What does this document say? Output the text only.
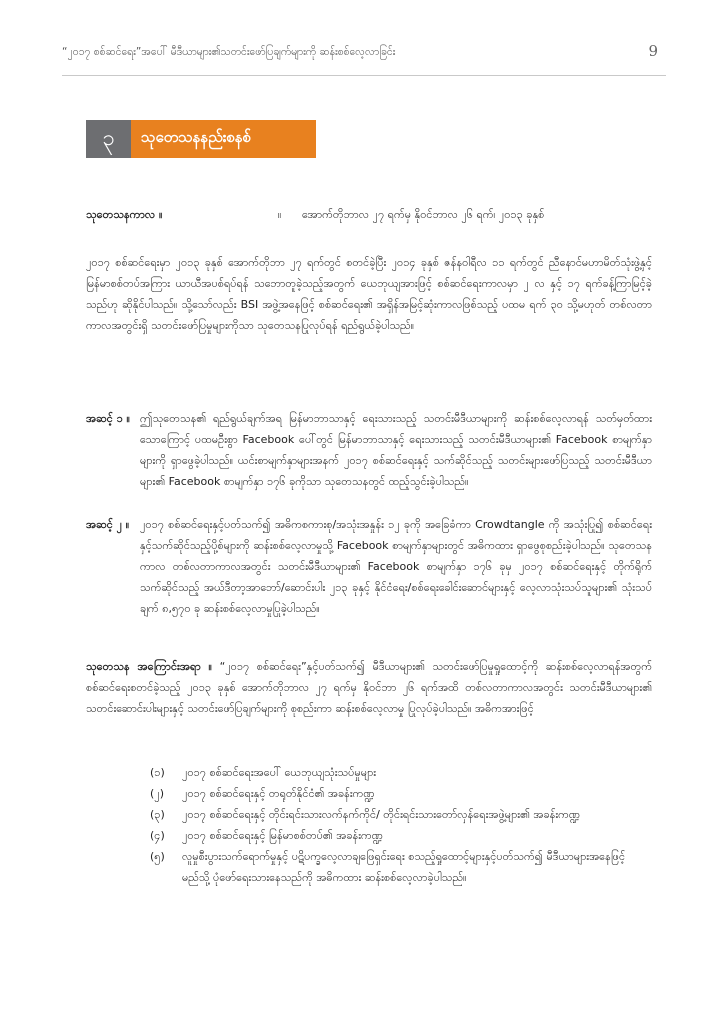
“၂၀၁၇ စစ်ဆင်ရေး”အပေါ် မီဒီယာများ၏သတင်းဖော်ပြချက်များကို ဆန်းစစ်လေ့လာခြင်း	9
၃	သုတေသနနည်းစနစ်
သုတေသနကာလ ။	။	အောက်တိုဘာလ ၂၇ ရက်မှ နိုဝင်ဘာလ ၂၆ ရက်၊ ၂၀၁၃ ခုနှစ်

၂၀၁၇ စစ်ဆင်ရေးမှာ ၂၀၁၃ ခုနှစ် အောက်တိုဘာ ၂၇ ရက်တွင် စတင်ခဲ့ပြီး ၂၀၁၄ ခုနှစ် ဇန်နဝါရီလ ၁၁ ရက်တွင် ညီနောင်မဟာမိတ်သုံးဖွဲ့နှင့် မြန်မာစစ်တပ်အကြား ယာယီအပစ်ရပ်ရန် သဘောတူခဲ့သည့်အတွက် ယေဘုယျအားဖြင့် စစ်ဆင်ရေးကာလမှာ ၂ လ နှင့် ၁၇ ရက်ခန့်ကြာမြင့်ခဲ့သည်ဟု ဆိုနိုင်ပါသည်။ သို့သော်လည်း BSI အဖွဲ့အနေဖြင့် စစ်ဆင်ရေး၏ အရှိန်အမြင့်ဆုံးကာလဖြစ်သည့် ပထမ ရက် ၃၀ သို့မဟုတ် တစ်လတာကာလအတွင်းရှိ သတင်းဖော်ပြမှုများကိုသာ သုတေသနပြုလုပ်ရန် ရည်ရွယ်ခဲ့ပါသည်။

အဆင့် ၁ ။ ဤသုတေသန၏ ရည်ရွယ်ချက်အရ မြန်မာဘာသာနှင့် ရေးသားသည့် သတင်းမီဒီယာများကို ဆန်းစစ်လေ့လာရန် သတ်မှတ်ထားသောကြောင့် ပထမဦးစွာ Facebook ပေါ်တွင် မြန်မာဘာသာနှင့် ရေးသားသည့် သတင်းမီဒီယာများ၏ Facebook စာမျက်နှာများကို ရှာဖွေခဲ့ပါသည်။ ယင်းစာမျက်နှာများအနက် ၂၀၁၇ စစ်ဆင်ရေးနှင့် သက်ဆိုင်သည့် သတင်းများဖော်ပြသည့် သတင်းမီဒီယာများ၏ Facebook စာမျက်နှာ ၁၇၆ ခုကိုသာ သုတေသနတွင် ထည့်သွင်းခဲ့ပါသည်။
အဆင့် ၂ ။ ၂၀၁၇ စစ်ဆင်ရေးနှင့်ပတ်သက်၍ အဓိကစကားစု/အသုံးအနှုန်း ၁၂ ခုကို အခြေခံကာ Crowdtangle ကို အသုံးပြု၍ စစ်ဆင်ရေးနှင့်သက်ဆိုင်သည့်ပို့စ်များကို ဆန်းစစ်လေ့လာမှုသို့ Facebook စာမျက်နှာများတွင် အဓိကထား ရှာဖွေစုစည်းခဲ့ပါသည်။ သုတေသနကာလ တစ်လတာကာလအတွင်း သတင်းမီဒီယာများ၏ Facebook စာမျက်နှာ ၁၇၆ ခုမှ ၂၀၁၇ စစ်ဆင်ရေးနှင့် တိုက်ရိုက်သက်ဆိုင်သည့် အယ်ဒီတာ့အာဘော်/ဆောင်းပါး ၂၁၃ ခုနှင့် နိုင်ငံရေး/စစ်ရေးခေါင်းဆောင်များနှင့် လေ့လာသုံးသပ်သူများ၏ သုံးသပ်ချက် ၈,၅၇၀ ခု ဆန်းစစ်လေ့လာမှုပြုခဲ့ပါသည်။

သုတေသန အကြောင်းအရာ ။ “၂၀၁၇ စစ်ဆင်ရေး”နှင့်ပတ်သက်၍ မီဒီယာများ၏ သတင်းဖော်ပြမှုရှုထောင့်ကို ဆန်းစစ်လေ့လာရန်အတွက် စစ်ဆင်ရေးစတင်ခဲ့သည့် ၂၀၁၃ ခုနှစ် အောက်တိုဘာလ ၂၇ ရက်မှ နိုဝင်ဘာ ၂၆ ရက်အထိ တစ်လတာကာလအတွင်း သတင်းမီဒီယာများ၏ သတင်းဆောင်းပါးများနှင့် သတင်းဖော်ပြချက်များကို စုစည်းကာ ဆန်းစစ်လေ့လာမှု ပြုလုပ်ခဲ့ပါသည်။ အဓိကအားဖြင့်

(၁)	၂၀၁၇ စစ်ဆင်ရေးအပေါ် ယေဘုယျသုံးသပ်မှုများ
(၂)	၂၀၁၇ စစ်ဆင်ရေးနှင့် တရုတ်နိုင်ငံ၏ အခန်းကဏ္ဍ
(၃)	၂၀၁၇ စစ်ဆင်ရေးနှင့် တိုင်းရင်းသားလက်နက်ကိုင်/ တိုင်းရင်းသားတော်လှန်ရေးအဖွဲ့များ၏ အခန်းကဏ္ဍ
(၄)	၂၀၁၇ စစ်ဆင်ရေးနှင့် မြန်မာစစ်တပ်၏ အခန်းကဏ္ဍ
(၅)	လူမှုစီးပွားသက်ရောက်မှုနှင့် ပဋိပက္ခလေ့လာချဖြေရှင်းရေး စသည့်ရှုထောင့်များနှင့်ပတ်သက်၍ မီဒီယာများအနေဖြင့် မည်သို့ ပုံဖော်ရေးသားနေသည်ကို အဓိကထား ဆန်းစစ်လေ့လာခဲ့ပါသည်။
